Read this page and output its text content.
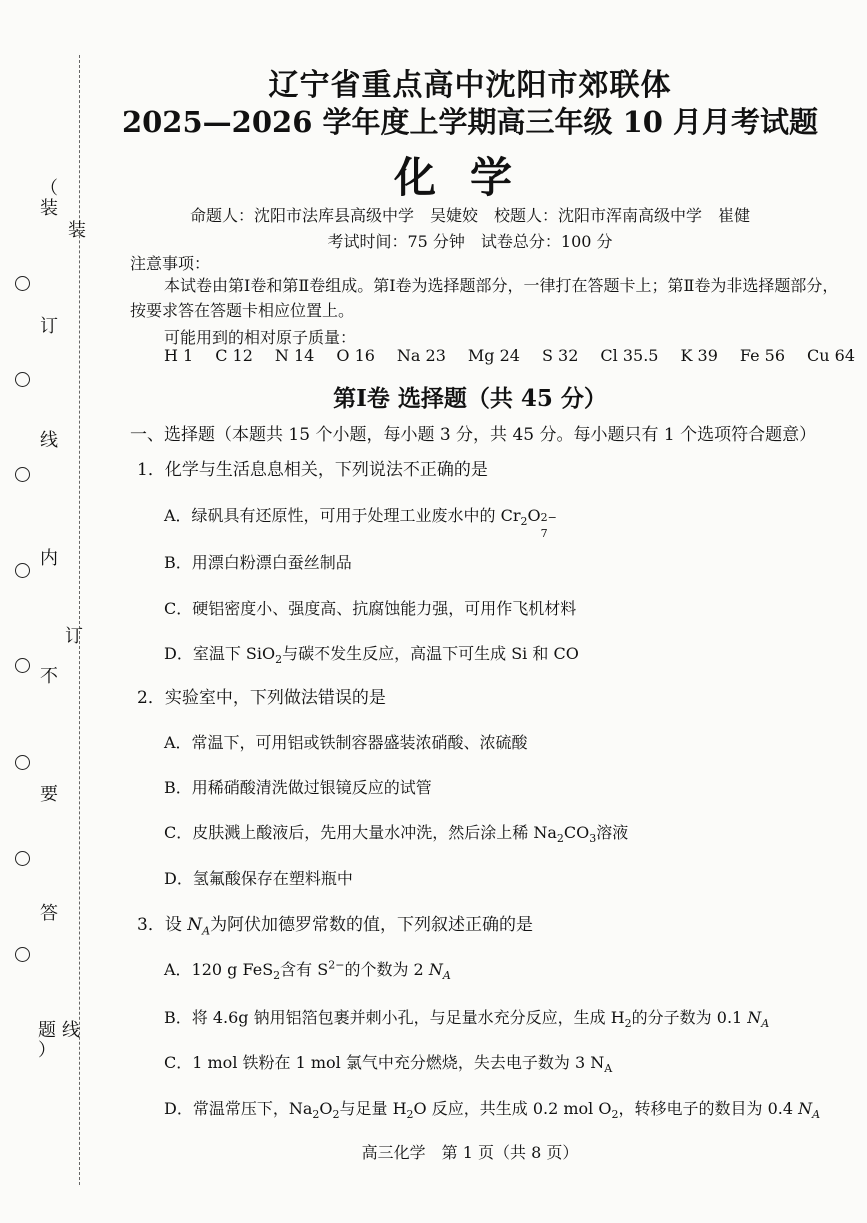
（
装
装
订
线
内
订
不
要
答
题 线
）
辽宁省重点高中沈阳市郊联体
2025—2026 学年度上学期高三年级 10 月月考试题
化学
命题人：沈阳市法库县高级中学　吴婕姣　校题人：沈阳市浑南高级中学　崔健
考试时间：75 分钟　试卷总分：100 分
注意事项：
本试卷由第Ⅰ卷和第Ⅱ卷组成。第Ⅰ卷为选择题部分，一律打在答题卡上；第Ⅱ卷为非选择题部分，按要求答在答题卡相应位置上。
可能用到的相对原子质量：
H 1 C 12 N 14 O 16 Na 23 Mg 24 S 32 Cl 35.5 K 39 Fe 56 Cu 64
第Ⅰ卷 选择题（共 45 分）
一、选择题（本题共 15 个小题，每小题 3 分，共 45 分。每小题只有 1 个选项符合题意）
1．化学与生活息息相关，下列说法不正确的是
A．绿矾具有还原性，可用于处理工业废水中的 $Cr_2O$ 2−
7
B．用漂白粉漂白蚕丝制品
C．硬铝密度小、强度高、抗腐蚀能力强，可用作飞机材料
D．室温下 SiO$_2$与碳不发生反应，高温下可生成 Si 和 CO
2．实验室中，下列做法错误的是
A．常温下，可用铝或铁制容器盛装浓硝酸、浓硫酸
B．用稀硝酸清洗做过银镜反应的试管
C．皮肤溅上酸液后，先用大量水冲洗，然后涂上稀 $Na_2CO_3$溶液
D．氢氟酸保存在塑料瓶中
3．设 $N_A$为阿伏加德罗常数的值，下列叙述正确的是
A．120 g FeS$_2$含有 $S^{2-}$的个数为 2 $N_A$
B．将 4.6g 钠用铝箔包裹并刺小孔，与足量水充分反应，生成 $H_2$的分子数为 0.1 $N_A$
C．1 mol 铁粉在 1 mol 氯气中充分燃烧，失去电子数为 3 $N_A$
D．常温常压下，$Na_2O_2$与足量 $H_2O$ 反应，共生成 0.2 mol $O_2$，转移电子的数目为 0.4 $N_A$
高三化学　第 1 页（共 8 页）
